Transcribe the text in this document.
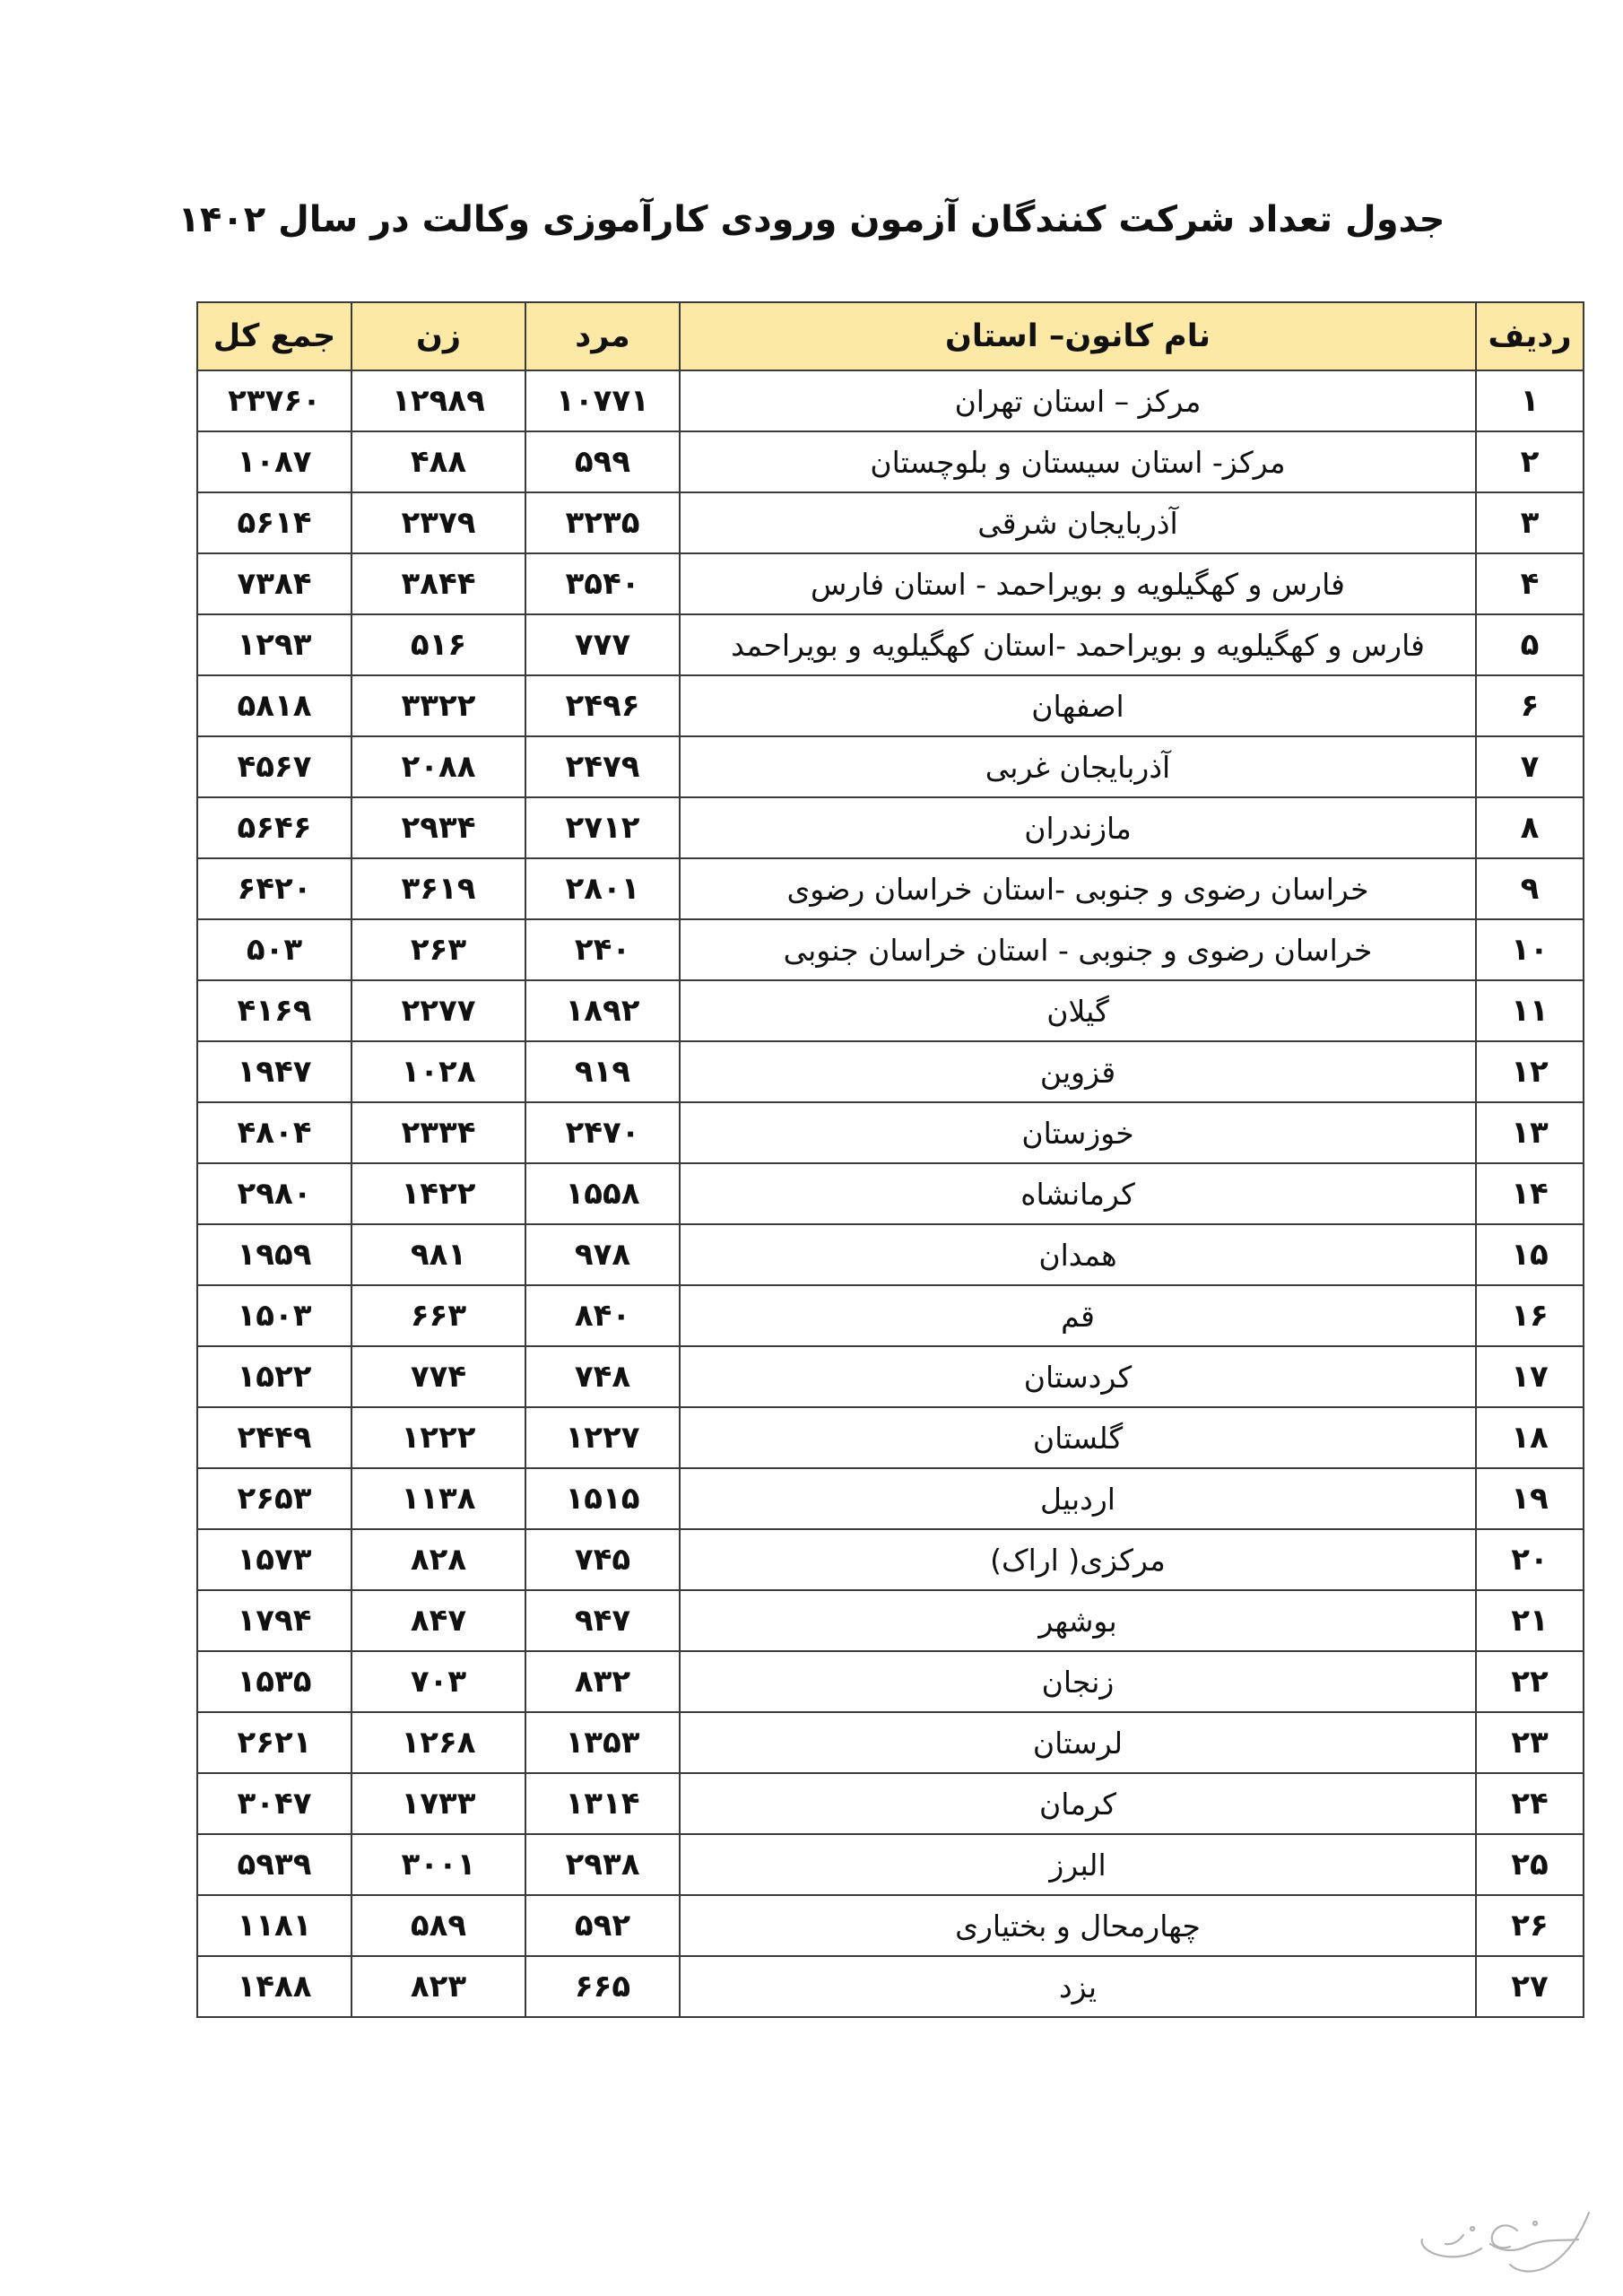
جدول تعداد شرکت کنندگان آزمون ورودی کارآموزی وکالت در سال ۱۴۰۲
ردیف	نام کانون– استان	مرد	زن	جمع کل
۱	مرکز – استان تهران	۱۰۷۷۱	۱۲۹۸۹	۲۳۷۶۰
۲	مرکز- استان سیستان و بلوچستان	۵۹۹	۴۸۸	۱۰۸۷
۳	آذربایجان شرقی	۳۲۳۵	۲۳۷۹	۵۶۱۴
۴	فارس و کهگیلویه و بویراحمد - استان فارس	۳۵۴۰	۳۸۴۴	۷۳۸۴
۵	فارس و کهگیلویه و بویراحمد -استان کهگیلویه و بویراحمد	۷۷۷	۵۱۶	۱۲۹۳
۶	اصفهان	۲۴۹۶	۳۳۲۲	۵۸۱۸
۷	آذربایجان غربی	۲۴۷۹	۲۰۸۸	۴۵۶۷
۸	مازندران	۲۷۱۲	۲۹۳۴	۵۶۴۶
۹	خراسان رضوی و جنوبی -استان خراسان رضوی	۲۸۰۱	۳۶۱۹	۶۴۲۰
۱۰	خراسان رضوی و جنوبی - استان خراسان جنوبی	۲۴۰	۲۶۳	۵۰۳
۱۱	گیلان	۱۸۹۲	۲۲۷۷	۴۱۶۹
۱۲	قزوین	۹۱۹	۱۰۲۸	۱۹۴۷
۱۳	خوزستان	۲۴۷۰	۲۳۳۴	۴۸۰۴
۱۴	کرمانشاه	۱۵۵۸	۱۴۲۲	۲۹۸۰
۱۵	همدان	۹۷۸	۹۸۱	۱۹۵۹
۱۶	قم	۸۴۰	۶۶۳	۱۵۰۳
۱۷	کردستان	۷۴۸	۷۷۴	۱۵۲۲
۱۸	گلستان	۱۲۲۷	۱۲۲۲	۲۴۴۹
۱۹	اردبیل	۱۵۱۵	۱۱۳۸	۲۶۵۳
۲۰	مرکزی( اراک)	۷۴۵	۸۲۸	۱۵۷۳
۲۱	بوشهر	۹۴۷	۸۴۷	۱۷۹۴
۲۲	زنجان	۸۳۲	۷۰۳	۱۵۳۵
۲۳	لرستان	۱۳۵۳	۱۲۶۸	۲۶۲۱
۲۴	کرمان	۱۳۱۴	۱۷۳۳	۳۰۴۷
۲۵	البرز	۲۹۳۸	۳۰۰۱	۵۹۳۹
۲۶	چهارمحال و بختیاری	۵۹۲	۵۸۹	۱۱۸۱
۲۷	یزد	۶۶۵	۸۲۳	۱۴۸۸
